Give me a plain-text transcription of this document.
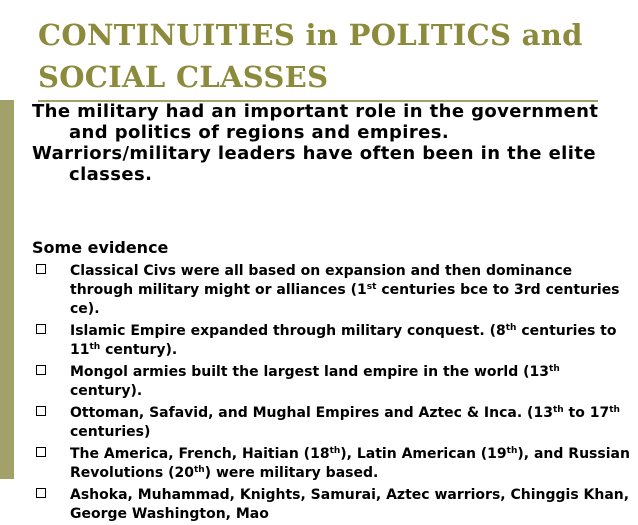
CONTINUITIES in POLITICS and SOCIAL CLASSES

The military had an important role in the government and politics of regions and empires.

Warriors/military leaders have often been in the elite classes.

Some evidence
Classical Civs were all based on expansion and then dominance through military might or alliances (1st centuries bce to 3rd centuries ce).
Islamic Empire expanded through military conquest. (8th centuries to 11th century).
Mongol armies built the largest land empire in the world (13th century).
Ottoman, Safavid, and Mughal Empires and Aztec & Inca. (13th to 17th centuries)
The America, French, Haitian (18th), Latin American (19th), and Russian Revolutions (20th) were military based.
Ashoka, Muhammad, Knights, Samurai, Aztec warriors, Chinggis Khan, George Washington, Mao
